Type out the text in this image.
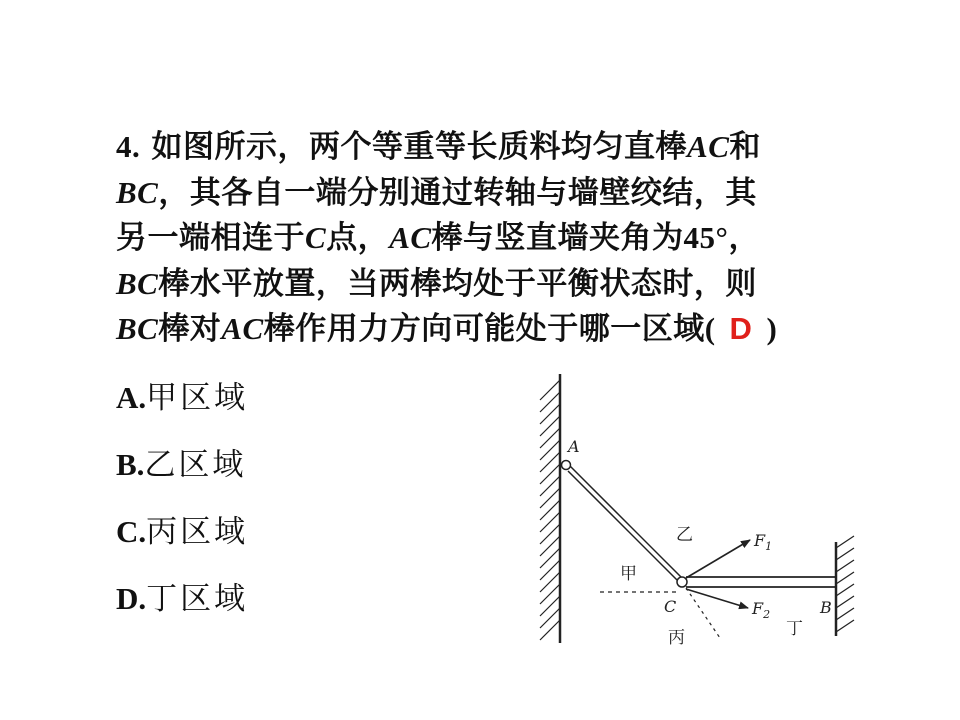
4. 如图所示，两个等重等长质料均匀直棒AC和
BC，其各自一端分别通过转轴与墙壁绞结，其
另一端相连于C点，AC棒与竖直墙夹角为45°，
BC棒水平放置，当两棒均处于平衡状态时，则
BC棒对AC棒作用力方向可能处于哪一区域( D )
A.甲区域
B.乙区域
C.丙区域
D.丁区域
A
B
C
$F_1$
$F_2$
甲
乙
丙	丁
